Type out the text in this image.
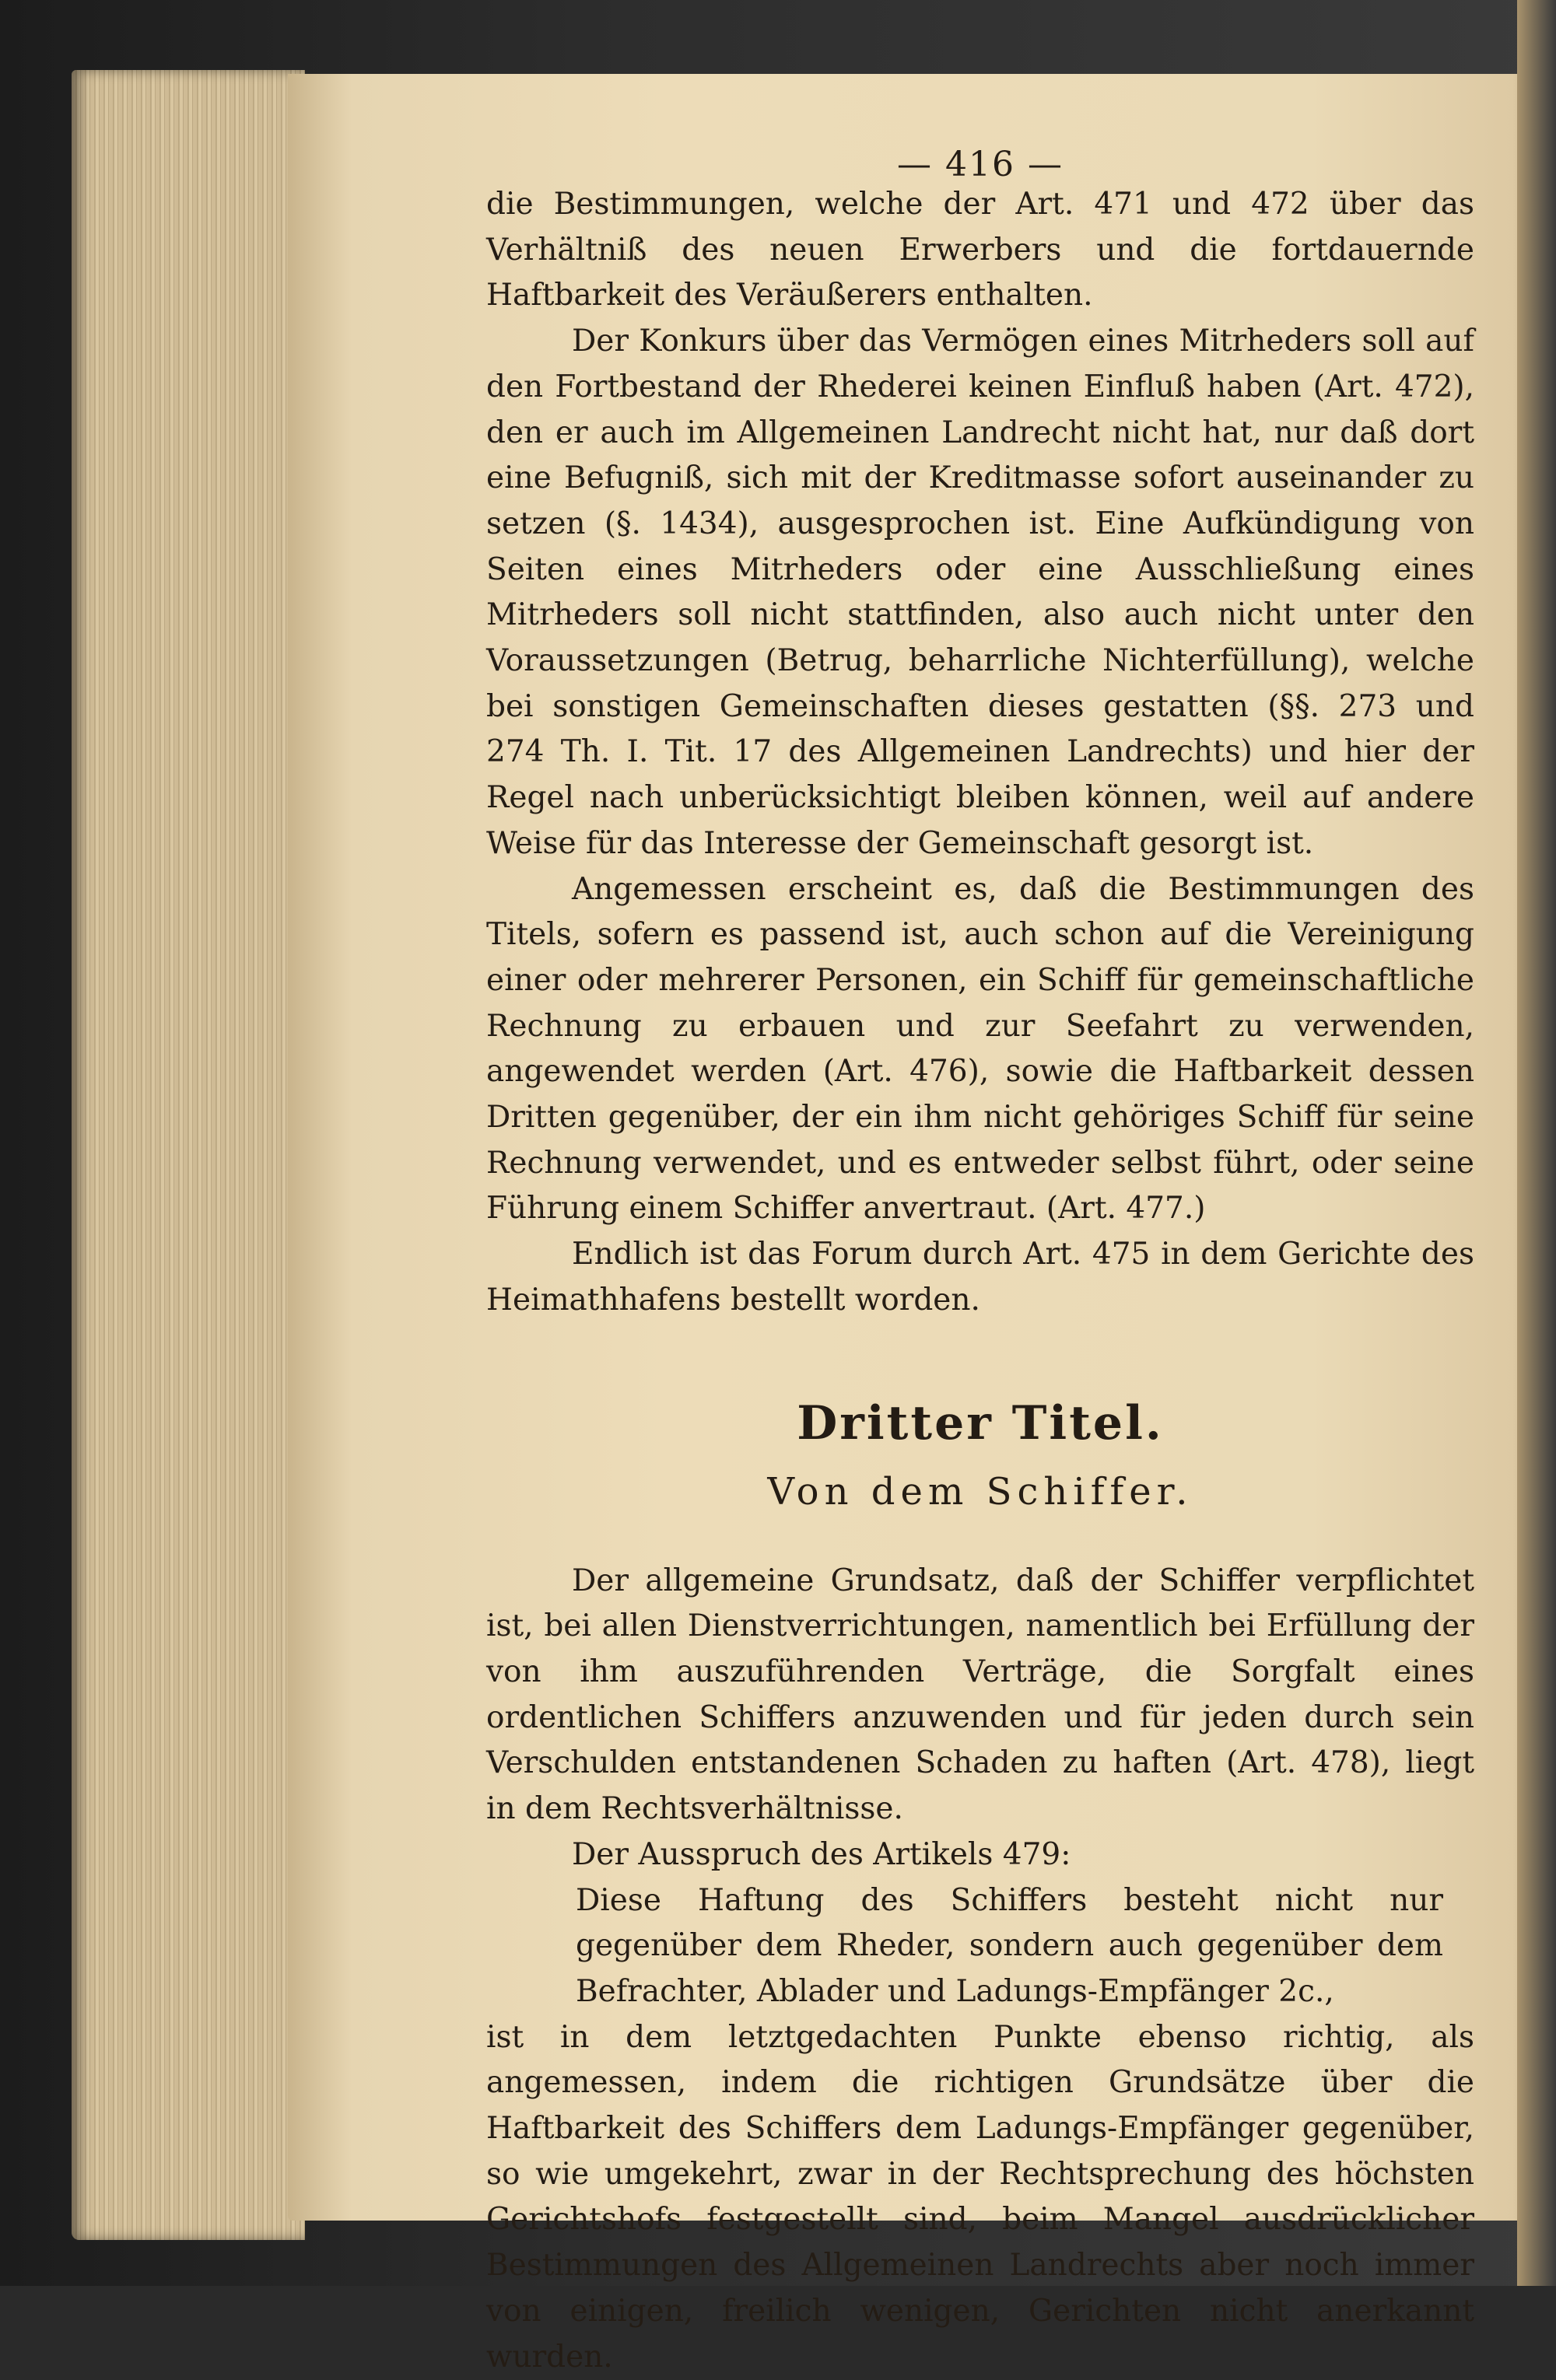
— 416 —

die Bestimmungen, welche der Art. 471 und 472 über das Verhältniß des neuen Erwerbers und die fortdauernde Haftbarkeit des Veräußerers enthalten.

Der Konkurs über das Vermögen eines Mitrheders soll auf den Fortbestand der Rhederei keinen Einfluß haben (Art. 472), den er auch im Allgemeinen Landrecht nicht hat, nur daß dort eine Befugniß, sich mit der Kreditmasse sofort auseinander zu setzen (§. 1434), ausgesprochen ist. Eine Aufkündigung von Seiten eines Mitrheders oder eine Ausschließung eines Mitrheders soll nicht stattfinden, also auch nicht unter den Voraussetzungen (Betrug, beharrliche Nichterfüllung), welche bei sonstigen Gemeinschaften dieses gestatten (§§. 273 und 274 Th. I. Tit. 17 des Allgemeinen Landrechts) und hier der Regel nach unberücksichtigt bleiben können, weil auf andere Weise für das Interesse der Gemeinschaft gesorgt ist.

Angemessen erscheint es, daß die Bestimmungen des Titels, sofern es passend ist, auch schon auf die Vereinigung einer oder mehrerer Personen, ein Schiff für gemeinschaftliche Rechnung zu erbauen und zur Seefahrt zu verwenden, angewendet werden (Art. 476), sowie die Haftbarkeit dessen Dritten gegenüber, der ein ihm nicht gehöriges Schiff für seine Rechnung verwendet, und es entweder selbst führt, oder seine Führung einem Schiffer anvertraut. (Art. 477.)

Endlich ist das Forum durch Art. 475 in dem Gerichte des Heimathhafens bestellt worden.

Dritter Titel.

Von dem Schiffer.

Der allgemeine Grundsatz, daß der Schiffer verpflichtet ist, bei allen Dienstverrichtungen, namentlich bei Erfüllung der von ihm auszuführenden Verträge, die Sorgfalt eines ordentlichen Schiffers anzuwenden und für jeden durch sein Verschulden entstandenen Schaden zu haften (Art. 478), liegt in dem Rechtsverhältnisse.

Der Ausspruch des Artikels 479:

Diese Haftung des Schiffers besteht nicht nur gegenüber dem Rheder, sondern auch gegenüber dem Befrachter, Ablader und Ladungs-Empfänger 2c.,

ist in dem letztgedachten Punkte ebenso richtig, als angemessen, indem die richtigen Grundsätze über die Haftbarkeit des Schiffers dem Ladungs-Empfänger gegenüber, so wie umgekehrt, zwar in der Rechtsprechung des höchsten Gerichtshofs festgestellt sind, beim Mangel ausdrücklicher Bestimmungen des Allgemeinen Landrechts aber noch immer von einigen, freilich wenigen, Gerichten nicht anerkannt wurden.
